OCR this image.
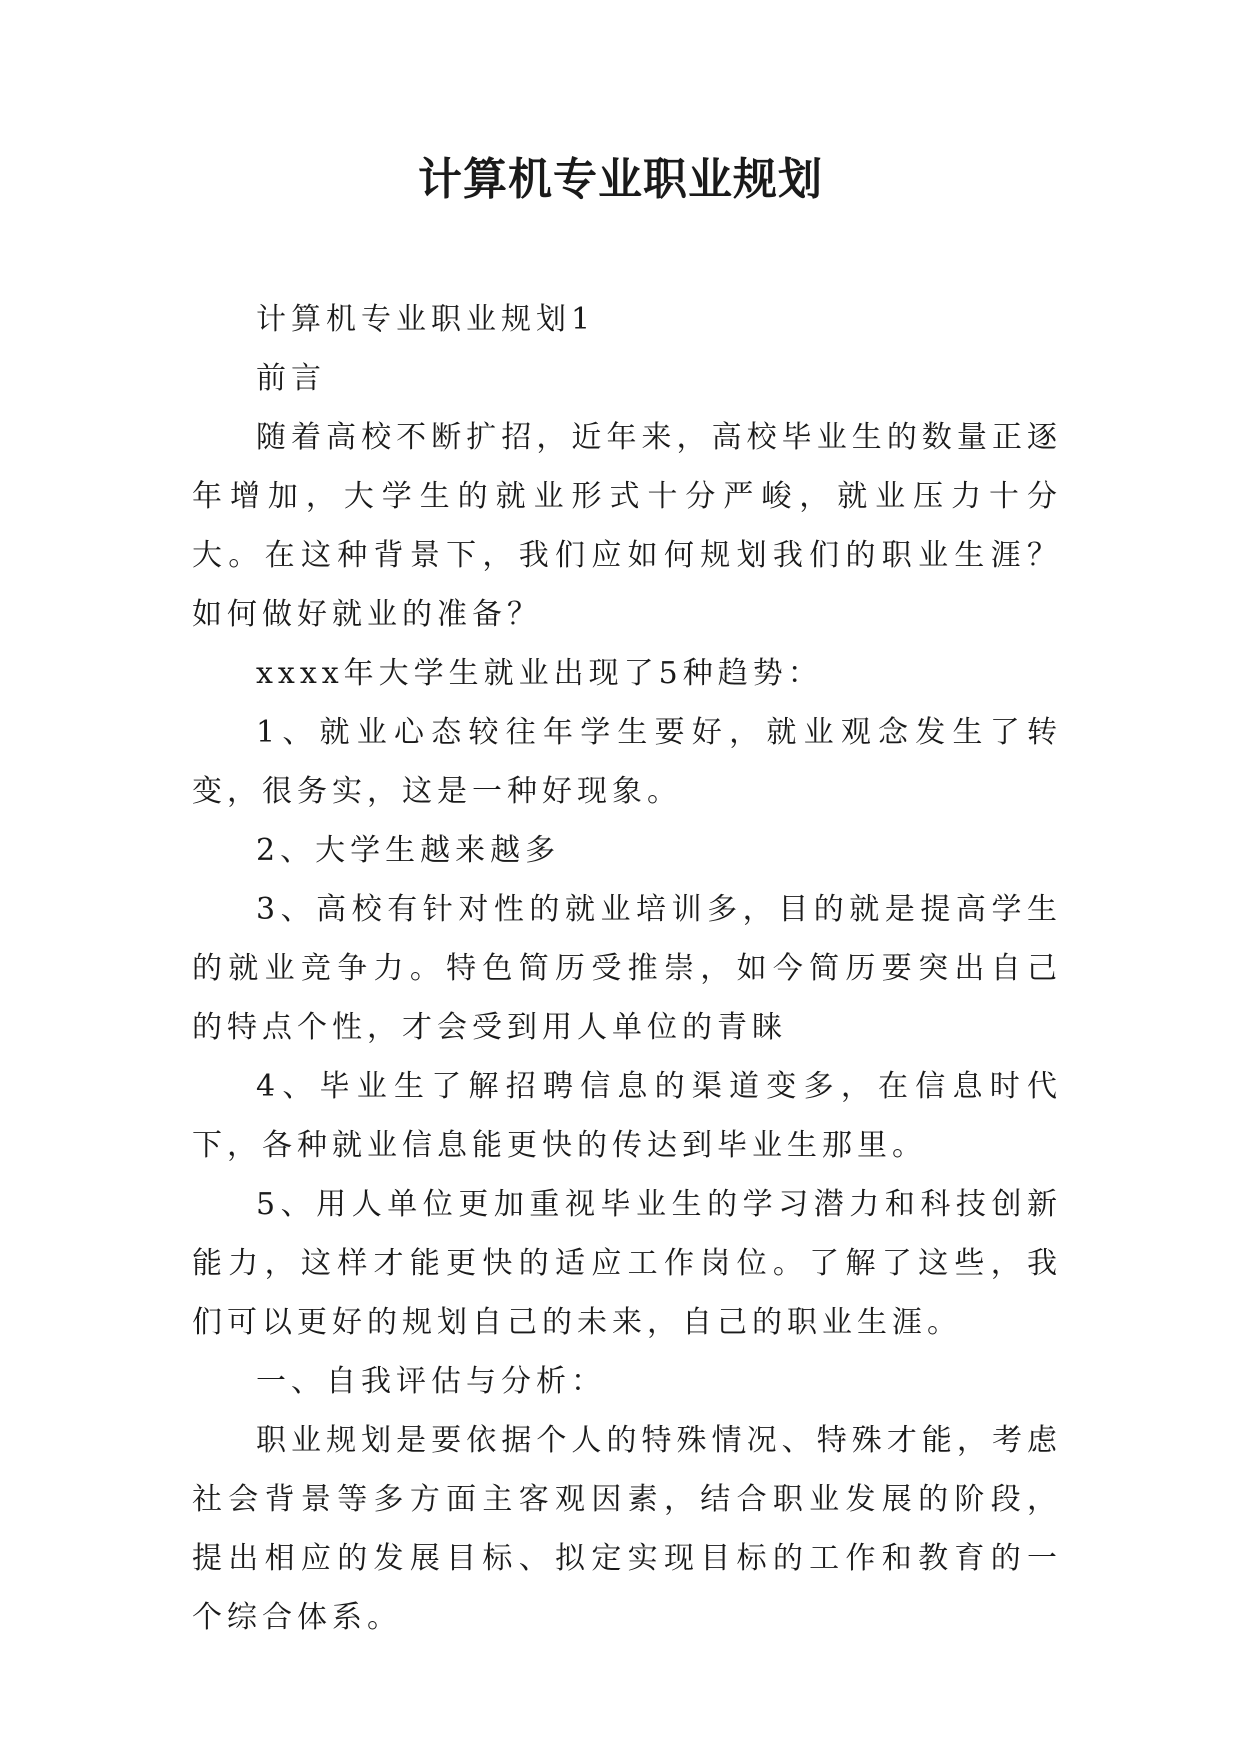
计算机专业职业规划

计算机专业职业规划1

前言

随着高校不断扩招，近年来，高校毕业生的数量正逐年增加，大学生的就业形式十分严峻，就业压力十分大。在这种背景下，我们应如何规划我们的职业生涯？如何做好就业的准备？

xxxx年大学生就业出现了5种趋势：

1、就业心态较往年学生要好，就业观念发生了转变，很务实，这是一种好现象。

2、大学生越来越多

3、高校有针对性的就业培训多，目的就是提高学生的就业竞争力。特色简历受推崇，如今简历要突出自己的特点个性，才会受到用人单位的青睐

4、毕业生了解招聘信息的渠道变多，在信息时代下，各种就业信息能更快的传达到毕业生那里。

5、用人单位更加重视毕业生的学习潜力和科技创新能力，这样才能更快的适应工作岗位。了解了这些，我们可以更好的规划自己的未来，自己的职业生涯。

一、自我评估与分析：

职业规划是要依据个人的特殊情况、特殊才能，考虑社会背景等多方面主客观因素，结合职业发展的阶段，提出相应的发展目标、拟定实现目标的工作和教育的一个综合体系。
